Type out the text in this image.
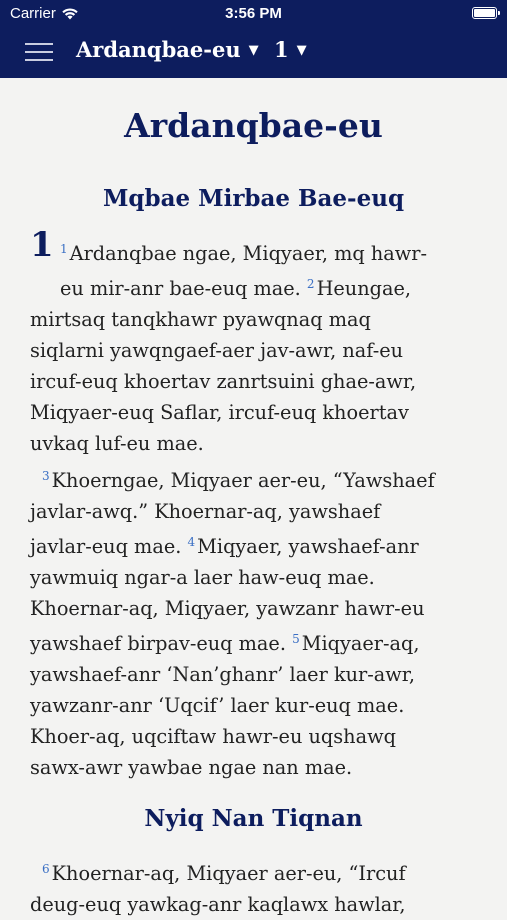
Carrier	3:56 PM
Ardanqbae-eu ▼ 1 ▼
Ardanqbae-eu
Mqbae Mirbae Bae-euq
1 $^1$ Ardanqbae ngae, Miqyaer, mq hawr-
eu mir-anr bae-euq mae. $^2$ Heungae,
mirtsaq tanqkhawr pyawqnaq maq
siqlarni yawqngaef-aer jav-awr, naf-eu
ircuf-euq khoertav zanrtsuini ghae-awr,
Miqyaer-euq Saflar, ircuf-euq khoertav
uvkaq luf-eu mae.
$^3$ Khoerngae, Miqyaer aer-eu, “Yawshaef
javlar-awq.” Khoernar-aq, yawshaef
javlar-euq mae. $^4$ Miqyaer, yawshaef-anr
yawmuiq ngar-a laer haw-euq mae.
Khoernar-aq, Miqyaer, yawzanr hawr-eu
yawshaef birpav-euq mae. $^5$ Miqyaer-aq,
yawshaef-anr ‘Nan’ghanr’ laer kur-awr,
yawzanr-anr ‘Uqcif’ laer kur-euq mae.
Khoer-aq, uqciftaw hawr-eu uqshawq
sawx-awr yawbae ngae nan mae.
Nyiq Nan Tiqnan
$^6$ Khoernar-aq, Miqyaer aer-eu, “Ircuf
deug-euq yawkag-anr kaqlawx hawlar,
